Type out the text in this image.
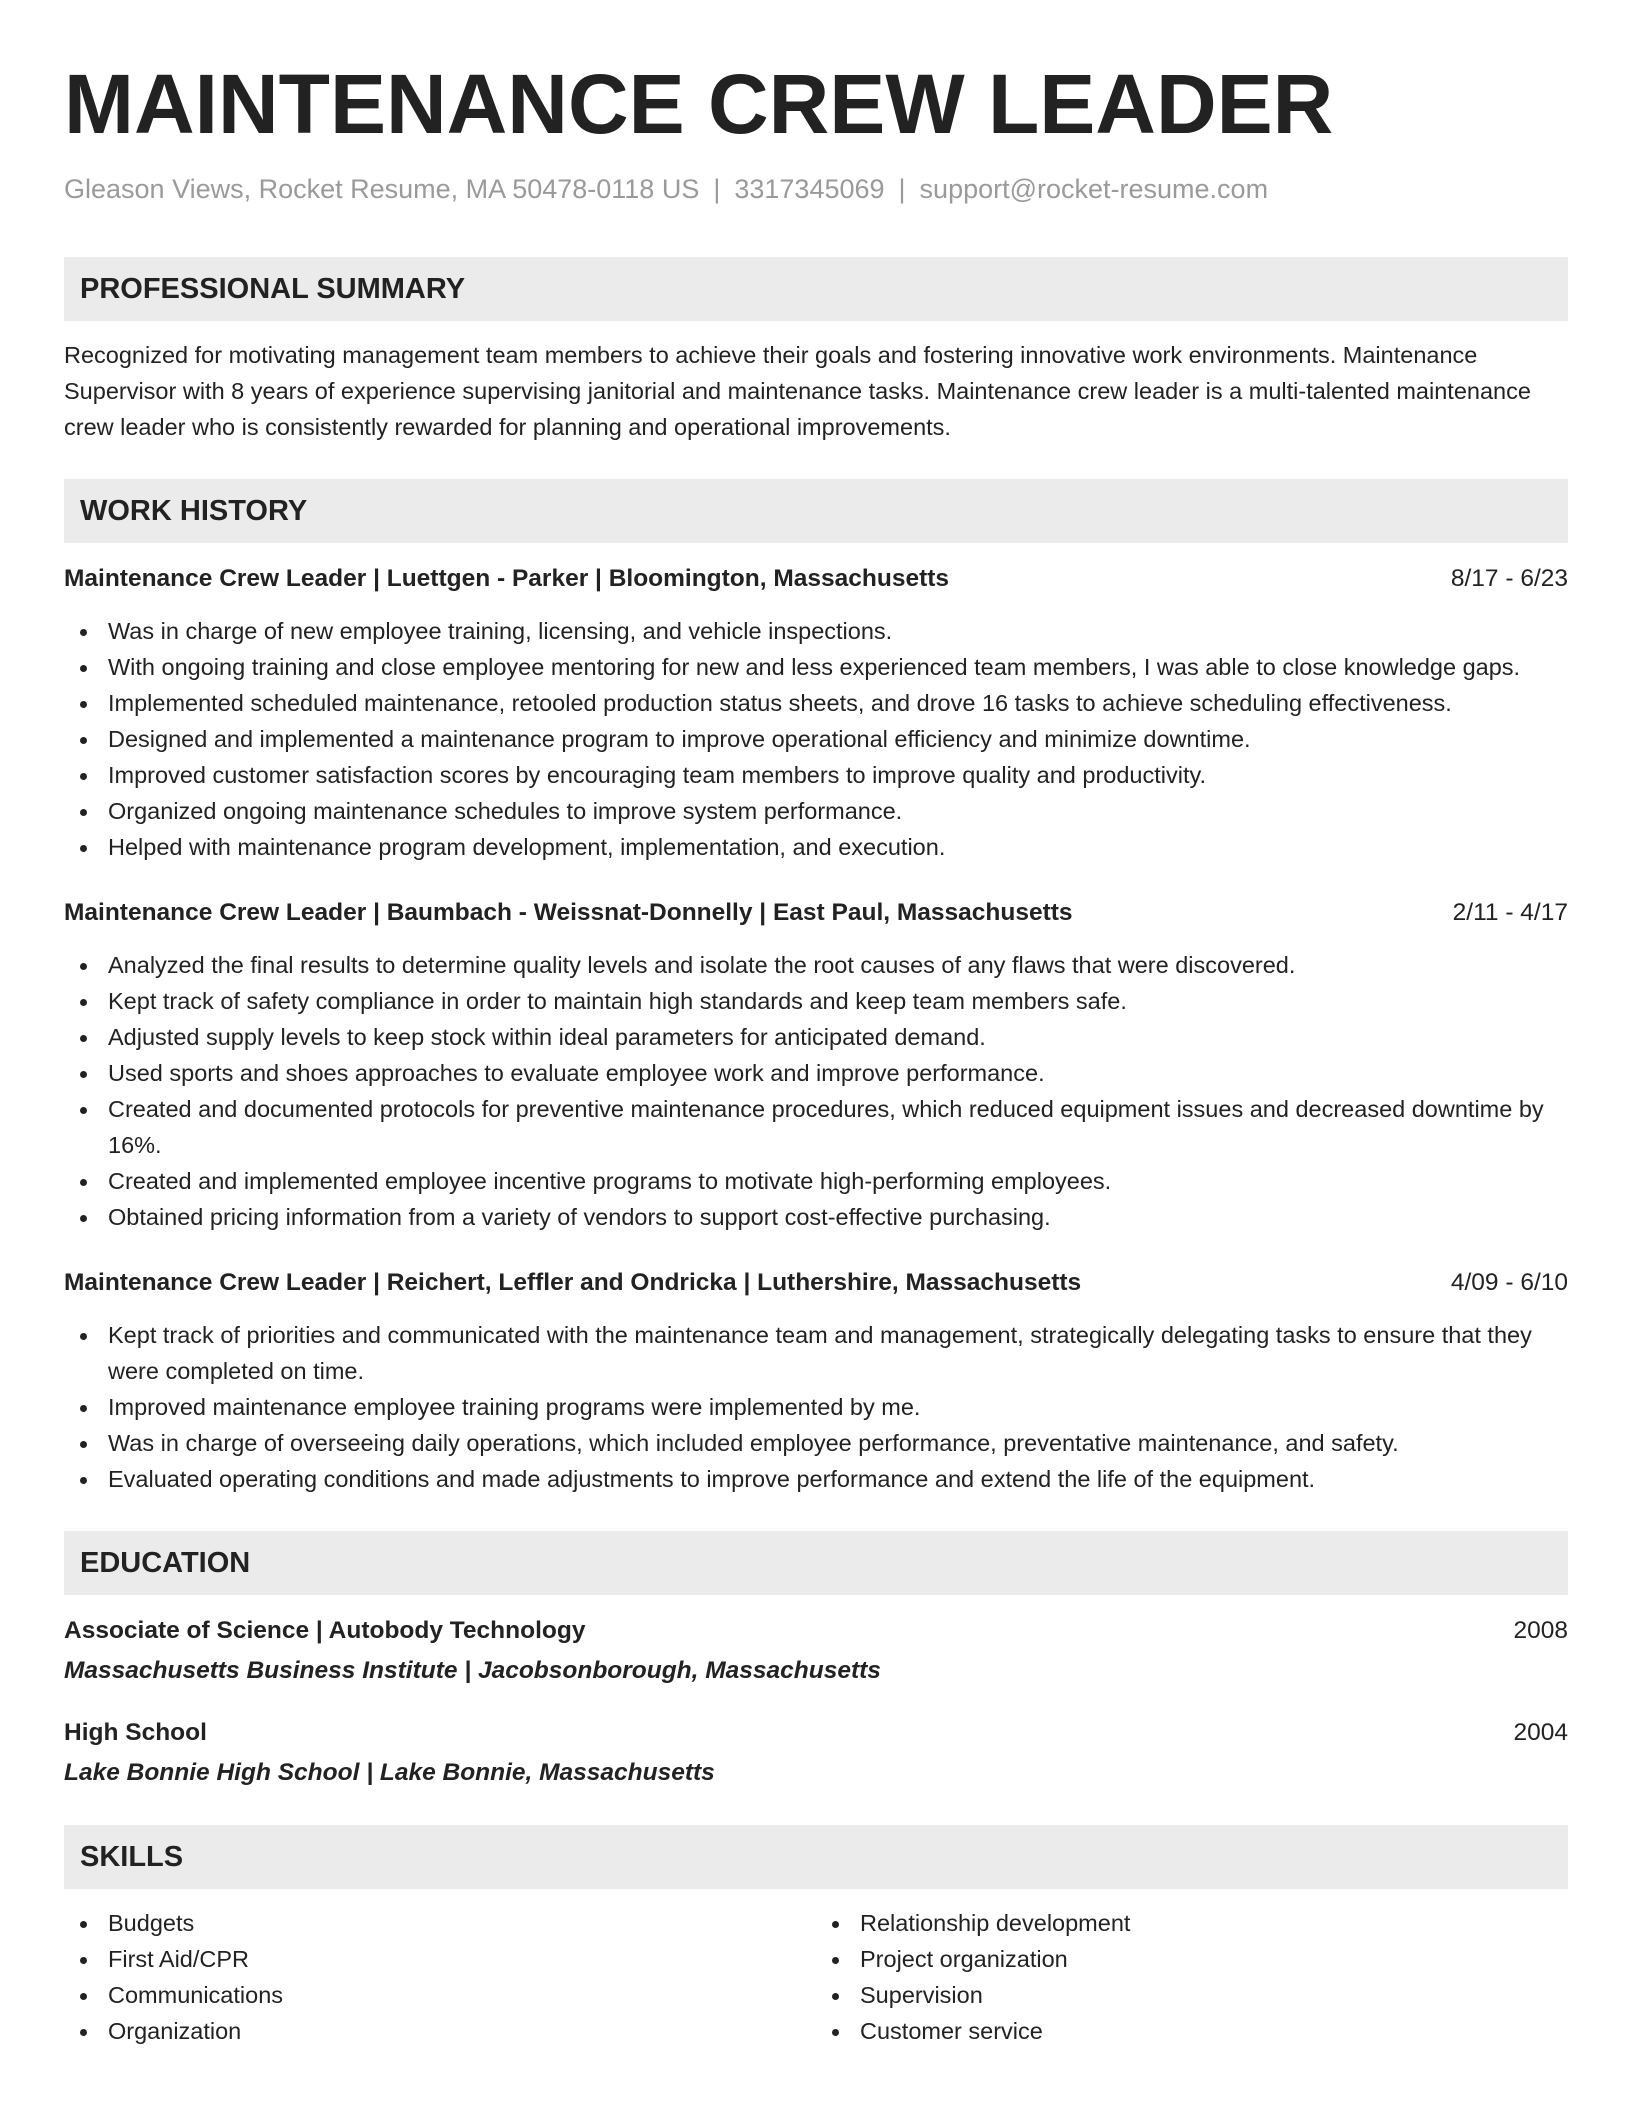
MAINTENANCE CREW LEADER
Gleason Views, Rocket Resume, MA 50478-0118 US | 3317345069 | support@rocket-resume.com
PROFESSIONAL SUMMARY
Recognized for motivating management team members to achieve their goals and fostering innovative work environments. Maintenance Supervisor with 8 years of experience supervising janitorial and maintenance tasks. Maintenance crew leader is a multi-talented maintenance crew leader who is consistently rewarded for planning and operational improvements.
WORK HISTORY
Maintenance Crew Leader | Luettgen - Parker | Bloomington, Massachusetts	8/17 - 6/23
Was in charge of new employee training, licensing, and vehicle inspections.
With ongoing training and close employee mentoring for new and less experienced team members, I was able to close knowledge gaps.
Implemented scheduled maintenance, retooled production status sheets, and drove 16 tasks to achieve scheduling effectiveness.
Designed and implemented a maintenance program to improve operational efficiency and minimize downtime.
Improved customer satisfaction scores by encouraging team members to improve quality and productivity.
Organized ongoing maintenance schedules to improve system performance.
Helped with maintenance program development, implementation, and execution.
Maintenance Crew Leader | Baumbach - Weissnat-Donnelly | East Paul, Massachusetts	2/11 - 4/17
Analyzed the final results to determine quality levels and isolate the root causes of any flaws that were discovered.
Kept track of safety compliance in order to maintain high standards and keep team members safe.
Adjusted supply levels to keep stock within ideal parameters for anticipated demand.
Used sports and shoes approaches to evaluate employee work and improve performance.
Created and documented protocols for preventive maintenance procedures, which reduced equipment issues and decreased downtime by 16%.
Created and implemented employee incentive programs to motivate high-performing employees.
Obtained pricing information from a variety of vendors to support cost-effective purchasing.
Maintenance Crew Leader | Reichert, Leffler and Ondricka | Luthershire, Massachusetts	4/09 - 6/10
Kept track of priorities and communicated with the maintenance team and management, strategically delegating tasks to ensure that they were completed on time.
Improved maintenance employee training programs were implemented by me.
Was in charge of overseeing daily operations, which included employee performance, preventative maintenance, and safety.
Evaluated operating conditions and made adjustments to improve performance and extend the life of the equipment.
EDUCATION
Associate of Science | Autobody Technology	2008
Massachusetts Business Institute | Jacobsonborough, Massachusetts
High School	2004
Lake Bonnie High School | Lake Bonnie, Massachusetts
SKILLS
Budgets
First Aid/CPR
Communications
Organization
Relationship development
Project organization
Supervision
Customer service
